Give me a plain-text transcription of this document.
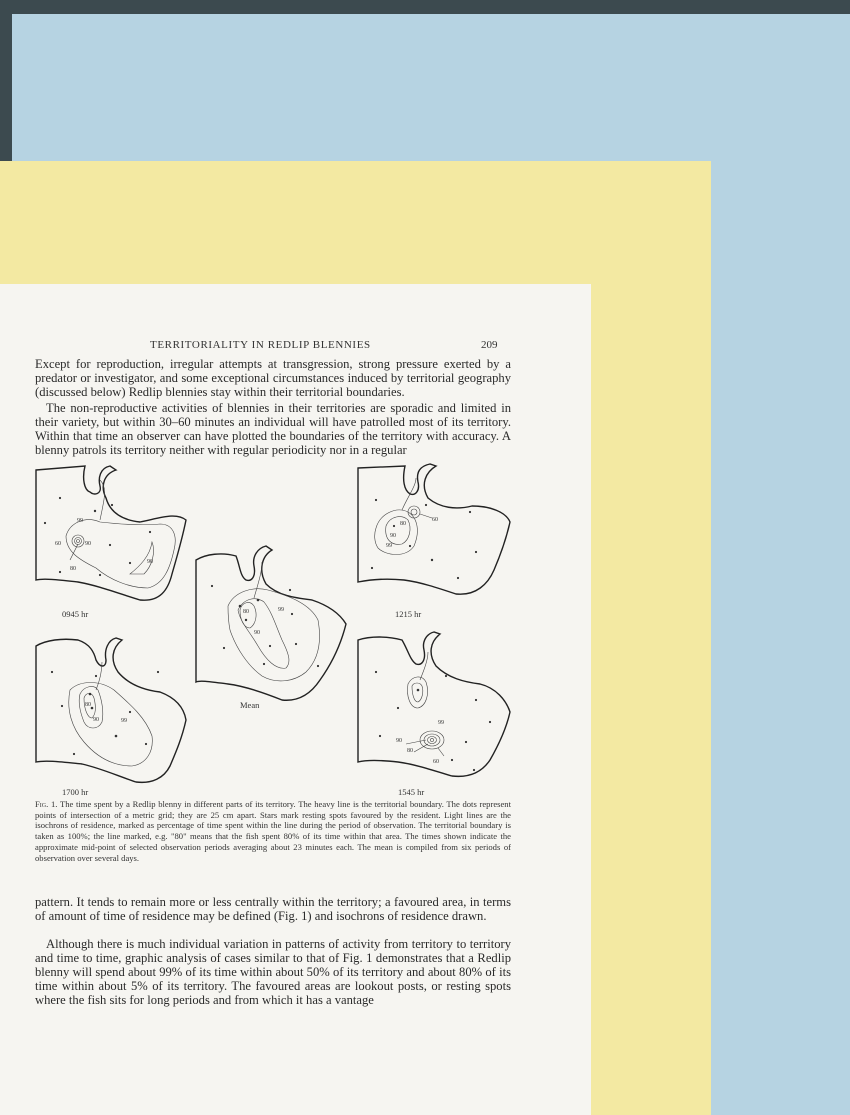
TERRITORIALITY IN REDLIP BLENNIES	209

Except for reproduction, irregular attempts at transgression, strong pressure exerted by a predator or investigator, and some exceptional circumstances induced by territorial geography (discussed below) Redlip blennies stay within their territorial boundaries.

The non-reproductive activities of blennies in their territories are sporadic and limited in their variety, but within 30–60 minutes an individual will have patrolled most of its territory. Within that time an observer can have plotted the boundaries of the territory with accuracy. A blenny patrols its territory neither with regular periodicity nor in a regular

99
60	90
80
90
0945 hr
60
80
90
99
1215 hr
80	99
90
Mean
80
90	99
1700 hr
99
90
80
60
1545 hr

Fig. 1. The time spent by a Redlip blenny in different parts of its territory. The heavy line is the territorial boundary. The dots represent points of intersection of a metric grid; they are 25 cm apart. Stars mark resting spots favoured by the resident. Light lines are the isochrons of residence, marked as percentage of time spent within the line during the period of observation. The territorial boundary is taken as 100%; the line marked, e.g. "80" means that the fish spent 80% of its time within that area. The times shown indicate the approximate mid-point of selected observation periods averaging about 23 minutes each. The mean is compiled from six periods of observation over several days.

pattern. It tends to remain more or less centrally within the territory; a favoured area, in terms of amount of time of residence may be defined (Fig. 1) and isochrons of residence drawn.

Although there is much individual variation in patterns of activity from territory to territory and time to time, graphic analysis of cases similar to that of Fig. 1 demonstrates that a Redlip blenny will spend about 99% of its time within about 50% of its territory and about 80% of its time within about 5% of its territory. The favoured areas are lookout posts, or resting spots where the fish sits for long periods and from which it has a vantage
